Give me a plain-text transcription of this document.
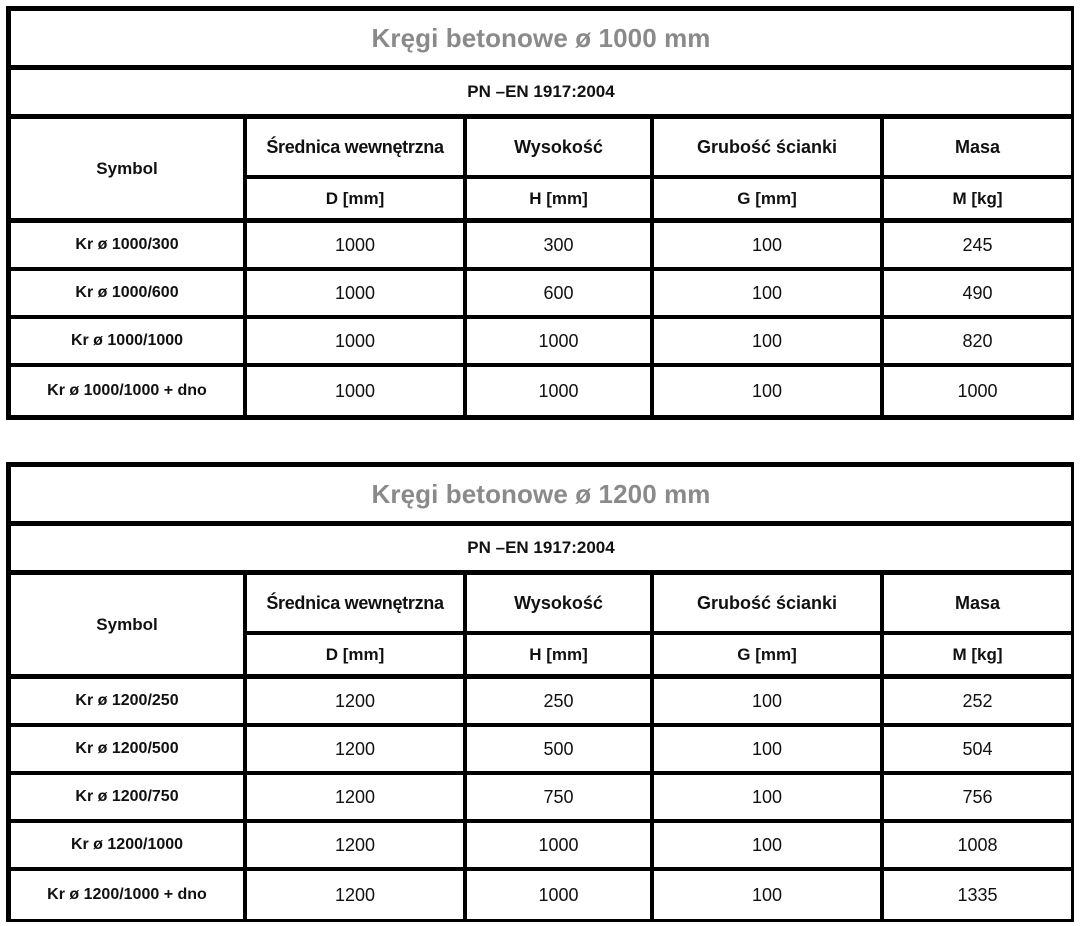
Kręgi betonowe ø 1000 mm				
PN –EN 1917:2004				
Symbol	Średnica wewnętrzna	Wysokość	Grubość ścianki	Masa
	D [mm]	H [mm]	G [mm]	M [kg]
Kr ø 1000/300	1000	300	100	245
Kr ø 1000/600	1000	600	100	490
Kr ø 1000/1000	1000	1000	100	820
Kr ø 1000/1000 + dno	1000	1000	100	1000
Kręgi betonowe ø 1200 mm				
PN –EN 1917:2004				
Symbol	Średnica wewnętrzna	Wysokość	Grubość ścianki	Masa
	D [mm]	H [mm]	G [mm]	M [kg]
Kr ø 1200/250	1200	250	100	252
Kr ø 1200/500	1200	500	100	504
Kr ø 1200/750	1200	750	100	756
Kr ø 1200/1000	1200	1000	100	1008
Kr ø 1200/1000 + dno	1200	1000	100	1335
